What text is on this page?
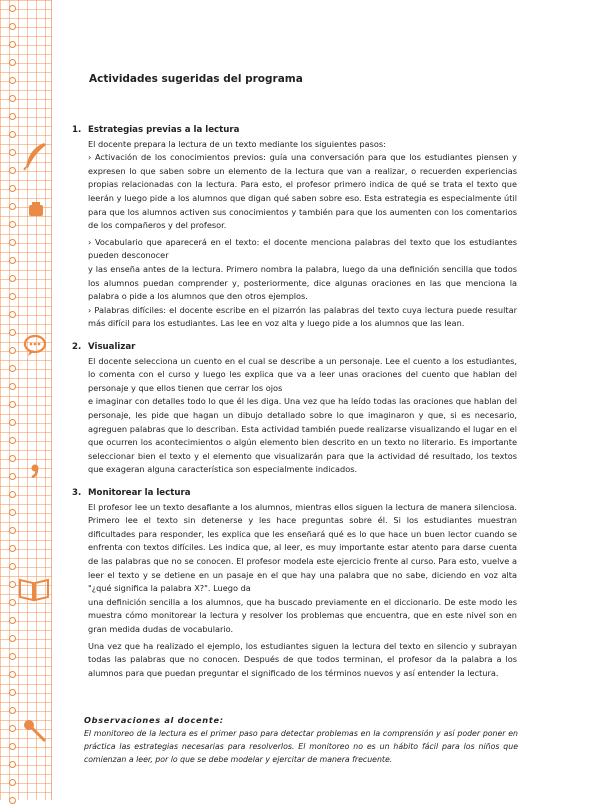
Actividades sugeridas del programa
1. Estrategias previas a la lectura

El docente prepara la lectura de un texto mediante los siguientes pasos:

› Activación de los conocimientos previos: guía una conversación para que los estudiantes piensen y expresen lo que saben sobre un elemento de la lectura que van a realizar, o recuerden experiencias propias relacionadas con la lectura. Para esto, el profesor primero indica de qué se trata el texto que leerán y luego pide a los alumnos que digan qué saben sobre eso. Esta estrategia es especialmente útil para que los alumnos activen sus conocimientos y también para que los aumenten con los comentarios de los compañeros y del profesor.

› Vocabulario que aparecerá en el texto: el docente menciona palabras del texto que los estudiantes pueden desconocer

y las enseña antes de la lectura. Primero nombra la palabra, luego da una definición sencilla que todos los alumnos puedan comprender y, posteriormente, dice algunas oraciones en las que menciona la palabra o pide a los alumnos que den otros ejemplos.

› Palabras difíciles: el docente escribe en el pizarrón las palabras del texto cuya lectura puede resultar más difícil para los estudiantes. Las lee en voz alta y luego pide a los alumnos que las lean.

2. Visualizar

El docente selecciona un cuento en el cual se describe a un personaje. Lee el cuento a los estudiantes, lo comenta con el curso y luego les explica que va a leer unas oraciones del cuento que hablan del personaje y que ellos tienen que cerrar los ojos

e imaginar con detalles todo lo que él les diga. Una vez que ha leído todas las oraciones que hablan del personaje, les pide que hagan un dibujo detallado sobre lo que imaginaron y que, si es necesario, agreguen palabras que lo describan. Esta actividad también puede realizarse visualizando el lugar en el que ocurren los acontecimientos o algún elemento bien descrito en un texto no literario. Es importante seleccionar bien el texto y el elemento que visualizarán para que la actividad dé resultado, los textos que exageran alguna característica son especialmente indicados.

3. Monitorear la lectura

El profesor lee un texto desafiante a los alumnos, mientras ellos siguen la lectura de manera silenciosa. Primero lee el texto sin detenerse y les hace preguntas sobre él. Si los estudiantes muestran dificultades para responder, les explica que les enseñará qué es lo que hace un buen lector cuando se enfrenta con textos difíciles. Les indica que, al leer, es muy importante estar atento para darse cuenta de las palabras que no se conocen. El profesor modela este ejercicio frente al curso. Para esto, vuelve a leer el texto y se detiene en un pasaje en el que hay una palabra que no sabe, diciendo en voz alta "¿qué significa la palabra X?". Luego da

una definición sencilla a los alumnos, que ha buscado previamente en el diccionario. De este modo les muestra cómo monitorear la lectura y resolver los problemas que encuentra, que en este nivel son en gran medida dudas de vocabulario.

Una vez que ha realizado el ejemplo, los estudiantes siguen la lectura del texto en silencio y subrayan todas las palabras que no conocen. Después de que todos terminan, el profesor da la palabra a los alumnos para que puedan preguntar el significado de los términos nuevos y así entender la lectura.

Observaciones al docente:

El monitoreo de la lectura es el primer paso para detectar problemas en la comprensión y así poder poner en práctica las estrategias necesarias para resolverlos. El monitoreo no es un hábito fácil para los niños que comienzan a leer, por lo que se debe modelar y ejercitar de manera frecuente.
